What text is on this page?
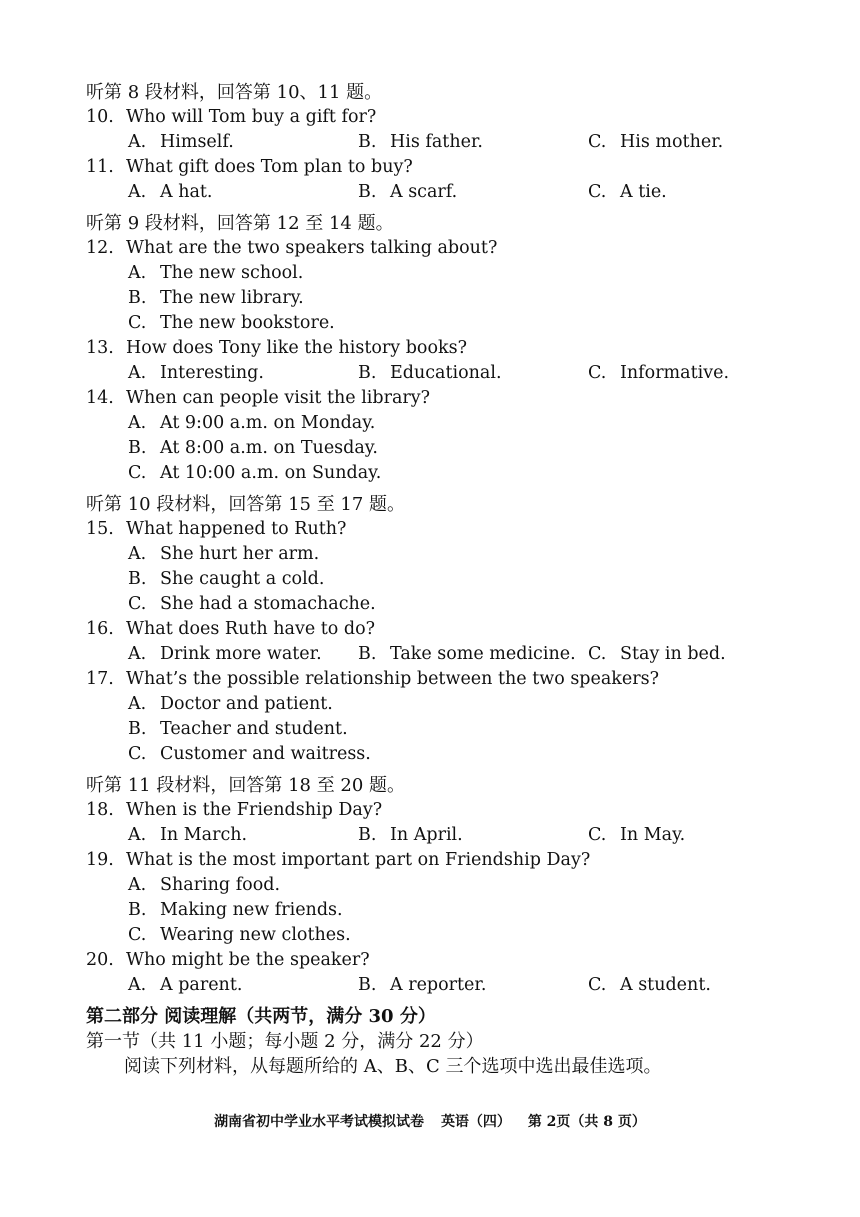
听第 8 段材料，回答第 10、11 题。
10. Who will Tom buy a gift for?
A. Himself.	B. His father.	C. His mother.
11. What gift does Tom plan to buy?
A. A hat.	B. A scarf.	C. A tie.
听第 9 段材料，回答第 12 至 14 题。
12. What are the two speakers talking about?
A. The new school.
B. The new library.
C. The new bookstore.
13. How does Tony like the history books?
A. Interesting.	B. Educational.	C. Informative.
14. When can people visit the library?
A. At 9:00 a.m. on Monday.
B. At 8:00 a.m. on Tuesday.
C. At 10:00 a.m. on Sunday.
听第 10 段材料，回答第 15 至 17 题。
15. What happened to Ruth?
A. She hurt her arm.
B. She caught a cold.
C. She had a stomachache.
16. What does Ruth have to do?
A. Drink more water. B. Take some medicine. C. Stay in bed.
17. What’s the possible relationship between the two speakers?
A. Doctor and patient.
B. Teacher and student.
C. Customer and waitress.
听第 11 段材料，回答第 18 至 20 题。
18. When is the Friendship Day?
A. In March.	B. In April.	C. In May.
19. What is the most important part on Friendship Day?
A. Sharing food.
B. Making new friends.
C. Wearing new clothes.
20. Who might be the speaker?
A. A parent.	B. A reporter.	C. A student.
第二部分 阅读理解（共两节，满分 30 分）
第一节（共 11 小题；每小题 2 分，满分 22 分）
阅读下列材料，从每题所给的 A、B、C 三个选项中选出最佳选项。
湖南省初中学业水平考试模拟试卷 英语（四） 第 2页（共 8 页）
